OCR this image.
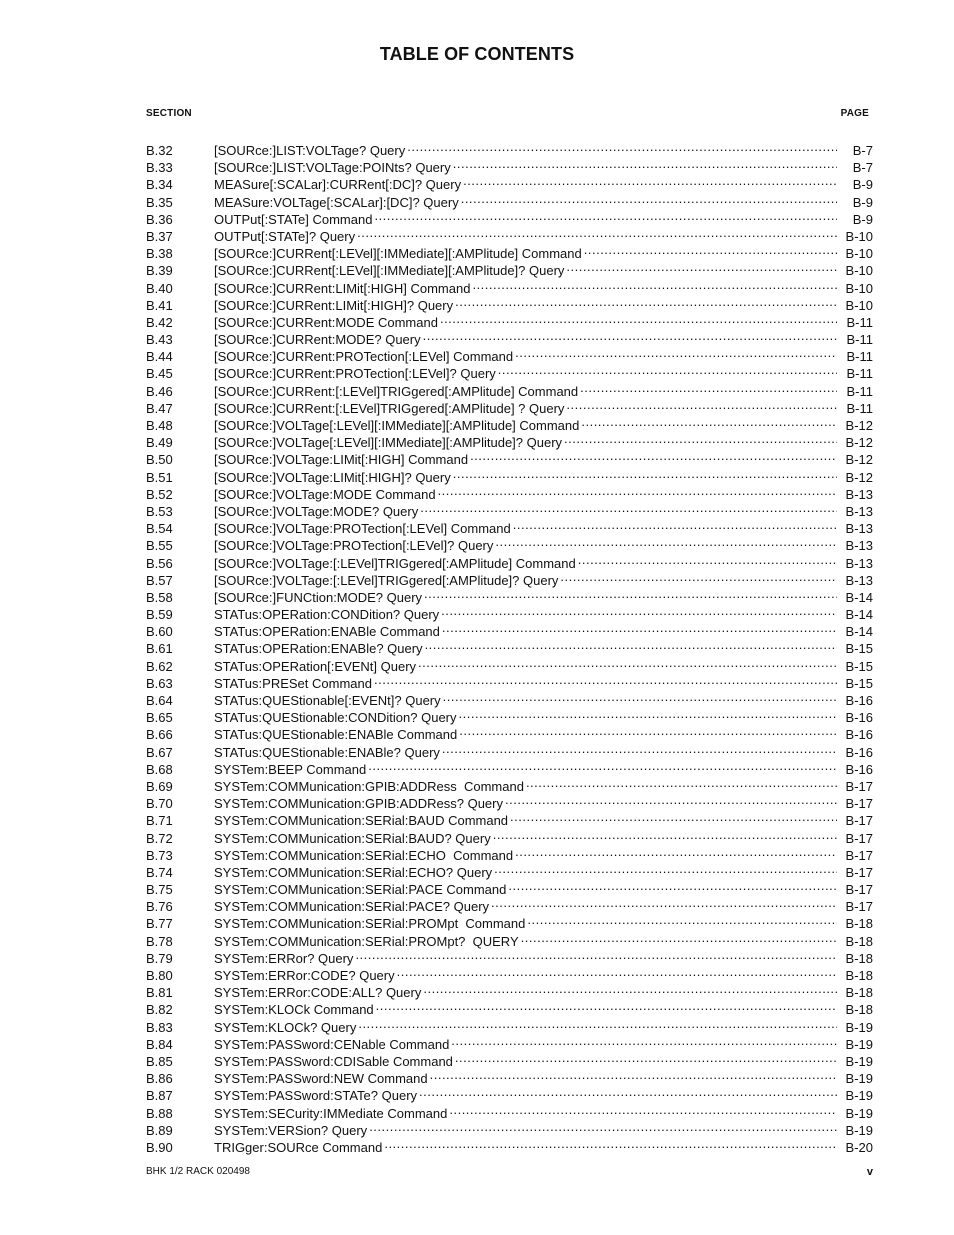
TABLE OF CONTENTS
SECTION	PAGE
B.32	[SOURce:]LIST:VOLTage? Query .....	B-7
B.33	[SOURce:]LIST:VOLTage:POINts? Query .....	B-7
B.34	MEASure[:SCALar]:CURRent[:DC]? Query .....	B-9
B.35	MEASure:VOLTage[:SCALar]:[DC]? Query .....	B-9
B.36	OUTPut[:STATe] Command .....	B-9
B.37	OUTPut[:STATe]? Query .....	B-10
B.38	[SOURce:]CURRent[:LEVel][:IMMediate][:AMPlitude] Command .....	B-10
B.39	[SOURce:]CURRent[:LEVel][:IMMediate][:AMPlitude]? Query .....	B-10
B.40	[SOURce:]CURRent:LIMit[:HIGH] Command .....	B-10
B.41	[SOURce:]CURRent:LIMit[:HIGH]? Query .....	B-10
B.42	[SOURce:]CURRent:MODE Command .....	B-11
B.43	[SOURce:]CURRent:MODE? Query .....	B-11
B.44	[SOURce:]CURRent:PROTection[:LEVel] Command .....	B-11
B.45	[SOURce:]CURRent:PROTection[:LEVel]? Query .....	B-11
B.46	[SOURce:]CURRent:[:LEVel]TRIGgered[:AMPlitude] Command .....	B-11
B.47	[SOURce:]CURRent:[:LEVel]TRIGgered[:AMPlitude] ? Query .....	B-11
B.48	[SOURce:]VOLTage[:LEVel][:IMMediate][:AMPlitude] Command .....	B-12
B.49	[SOURce:]VOLTage[:LEVel][:IMMediate][:AMPlitude]? Query .....	B-12
B.50	[SOURce:]VOLTage:LIMit[:HIGH] Command .....	B-12
B.51	[SOURce:]VOLTage:LIMit[:HIGH]? Query .....	B-12
B.52	[SOURce:]VOLTage:MODE Command .....	B-13
B.53	[SOURce:]VOLTage:MODE? Query .....	B-13
B.54	[SOURce:]VOLTage:PROTection[:LEVel] Command .....	B-13
B.55	[SOURce:]VOLTage:PROTection[:LEVel]? Query .....	B-13
B.56	[SOURce:]VOLTage:[:LEVel]TRIGgered[:AMPlitude] Command .....	B-13
B.57	[SOURce:]VOLTage:[:LEVel]TRIGgered[:AMPlitude]? Query .....	B-13
B.58	[SOURce:]FUNCtion:MODE? Query .....	B-14
B.59	STATus:OPERation:CONDition? Query .....	B-14
B.60	STATus:OPERation:ENABle Command .....	B-14
B.61	STATus:OPERation:ENABle? Query .....	B-15
B.62	STATus:OPERation[:EVENt] Query .....	B-15
B.63	STATus:PRESet Command .....	B-15
B.64	STATus:QUEStionable[:EVENt]? Query .....	B-16
B.65	STATus:QUEStionable:CONDition? Query .....	B-16
B.66	STATus:QUEStionable:ENABle Command .....	B-16
B.67	STATus:QUEStionable:ENABle? Query .....	B-16
B.68	SYSTem:BEEP Command .....	B-16
B.69	SYSTem:COMMunication:GPIB:ADDRess  Command .....	B-17
B.70	SYSTem:COMMunication:GPIB:ADDRess? Query .....	B-17
B.71	SYSTem:COMMunication:SERial:BAUD Command .....	B-17
B.72	SYSTem:COMMunication:SERial:BAUD? Query .....	B-17
B.73	SYSTem:COMMunication:SERial:ECHO  Command .....	B-17
B.74	SYSTem:COMMunication:SERial:ECHO? Query .....	B-17
B.75	SYSTem:COMMunication:SERial:PACE Command .....	B-17
B.76	SYSTem:COMMunication:SERial:PACE? Query .....	B-17
B.77	SYSTem:COMMunication:SERial:PROMpt  Command .....	B-18
B.78	SYSTem:COMMunication:SERial:PROMpt?  QUERY .....	B-18
B.79	SYSTem:ERRor? Query .....	B-18
B.80	SYSTem:ERRor:CODE? Query .....	B-18
B.81	SYSTem:ERRor:CODE:ALL? Query .....	B-18
B.82	SYSTem:KLOCk Command .....	B-18
B.83	SYSTem:KLOCk? Query .....	B-19
B.84	SYSTem:PASSword:CENable Command .....	B-19
B.85	SYSTem:PASSword:CDISable Command .....	B-19
B.86	SYSTem:PASSword:NEW Command .....	B-19
B.87	SYSTem:PASSword:STATe? Query .....	B-19
B.88	SYSTem:SECurity:IMMediate Command .....	B-19
B.89	SYSTem:VERSion? Query .....	B-19
B.90	TRIGger:SOURce Command .....	B-20
BHK 1/2 RACK 020498	v
